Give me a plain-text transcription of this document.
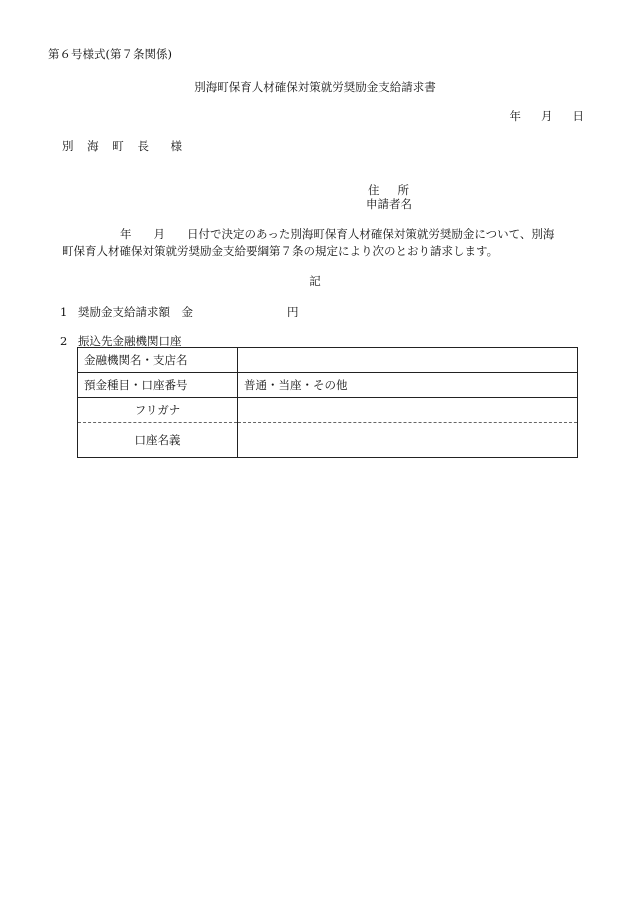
第６号様式(第７条関係)
別海町保育人材確保対策就労奨励金支給請求書
年 月 日
別 海 町 長　様
住 所
申請者名
年 月 日付で決定のあった別海町保育人材確保対策就労奨励金について、別海
町保育人材確保対策就労奨励金支給要綱第７条の規定により次のとおり請求します。
記
1 奨励金支給請求額　金	円
2 振込先金融機関口座
金融機関名・支店名	
預金種目・口座番号	普通・当座・その他
フリガナ	
口座名義	
